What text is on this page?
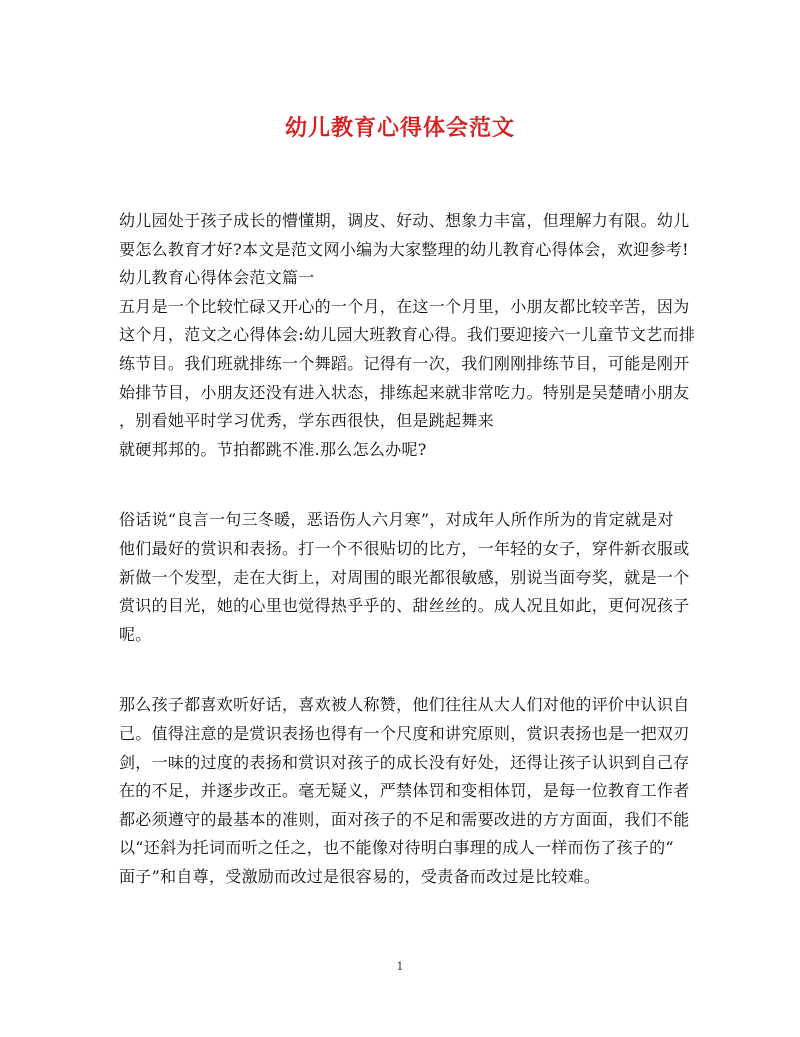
幼儿教育心得体会范文
幼儿园处于孩子成长的懵懂期，调皮、好动、想象力丰富，但理解力有限。幼儿
要怎么教育才好?本文是范文网小编为大家整理的幼儿教育心得体会，欢迎参考!
幼儿教育心得体会范文篇一
五月是一个比较忙碌又开心的一个月，在这一个月里，小朋友都比较辛苦，因为
这个月，范文之心得体会:幼儿园大班教育心得。我们要迎接六一儿童节文艺而排
练节目。我们班就排练一个舞蹈。记得有一次，我们刚刚排练节目，可能是刚开
始排节目，小朋友还没有进入状态，排练起来就非常吃力。特别是吴楚晴小朋友
，别看她平时学习优秀，学东西很快，但是跳起舞来
就硬邦邦的。节拍都跳不准.那么怎么办呢?
俗话说“良言一句三冬暖，恶语伤人六月寒”，对成年人所作所为的肯定就是对
他们最好的赏识和表扬。打一个不很贴切的比方，一年轻的女子，穿件新衣服或
新做一个发型，走在大街上，对周围的眼光都很敏感，别说当面夸奖，就是一个
赏识的目光，她的心里也觉得热乎乎的、甜丝丝的。成人况且如此，更何况孩子
呢。
那么孩子都喜欢听好话，喜欢被人称赞，他们往往从大人们对他的评价中认识自
己。值得注意的是赏识表扬也得有一个尺度和讲究原则，赏识表扬也是一把双刃
剑，一味的过度的表扬和赏识对孩子的成长没有好处，还得让孩子认识到自己存
在的不足，并逐步改正。毫无疑义，严禁体罚和变相体罚，是每一位教育工作者
都必须遵守的最基本的准则，面对孩子的不足和需要改进的方方面面，我们不能
以“还斜为托词而听之任之，也不能像对待明白事理的成人一样而伤了孩子的“
面子”和自尊，受激励而改过是很容易的，受责备而改过是比较难。
1
